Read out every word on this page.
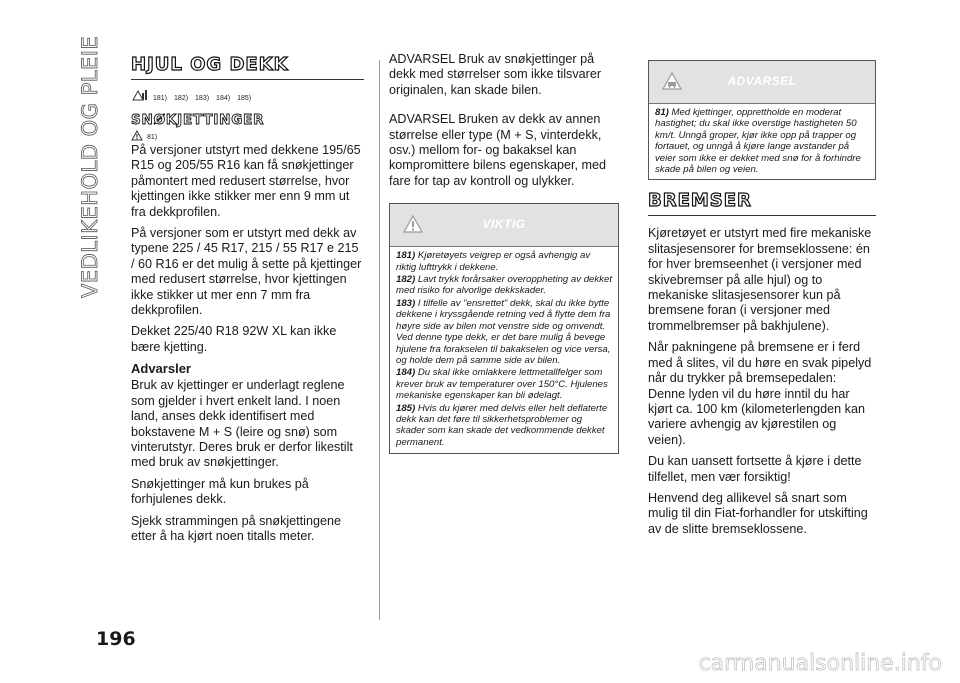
VEDLIKEHOLD OG PLEIE HJUL OG DEKK
181) 182) 183) 184) 185)
SNØKJETTINGER
81)

På versjoner utstyrt med dekkene 195/65 R15 og 205/55 R16 kan få snøkjettinger påmontert med redusert størrelse, hvor kjettingen ikke stikker mer enn 9 mm ut fra dekkprofilen.

På versjoner som er utstyrt med dekk av typene 225 / 45 R17, 215 / 55 R17 e 215 / 60 R16 er det mulig å sette på kjettinger med redusert størrelse, hvor kjettingen ikke stikker ut mer enn 7 mm fra dekkprofilen.

Dekket 225/40 R18 92W XL kan ikke bære kjetting.

Advarsler

Bruk av kjettinger er underlagt reglene som gjelder i hvert enkelt land. I noen land, anses dekk identifisert med bokstavene M + S (leire og snø) som vinterutstyr. Deres bruk er derfor likestilt med bruk av snøkjettinger.

Snøkjettinger må kun brukes på forhjulenes dekk.

Sjekk strammingen på snøkjettingene etter å ha kjørt noen titalls meter.

ADVARSEL Bruk av snøkjettinger på dekk med størrelser som ikke tilsvarer originalen, kan skade bilen.

ADVARSEL Bruken av dekk av annen størrelse eller type (M + S, vinterdekk, osv.) mellom for- og bakaksel kan kompromittere bilens egenskaper, med fare for tap av kontroll og ulykker.

VIKTIG
181) Kjøretøyets veigrep er også avhengig av riktig lufttrykk i dekkene.
182) Lavt trykk forårsaker overoppheting av dekket med risiko for alvorlige dekkskader.
183) I tilfelle av "ensrettet" dekk, skal du ikke bytte dekkene i kryssgående retning ved å flytte dem fra høyre side av bilen mot venstre side og omvendt. Ved denne type dekk, er det bare mulig å bevege hjulene fra forakselen til bakakselen og vice versa, og holde dem på samme side av bilen.
184) Du skal ikke omlakkere lettmetallfelger som krever bruk av temperaturer over 150°C. Hjulenes mekaniske egenskaper kan bli ødelagt.
185) Hvis du kjører med delvis eller helt deflaterte dekk kan det føre til sikkerhetsproblemer og skader som kan skade det vedkommende dekket permanent.
ADVARSEL
81) Med kjettinger, opprettholde en moderat hastighet; du skal ikke overstige hastigheten 50 km/t. Unngå groper, kjør ikke opp på trapper og fortauet, og unngå å kjøre lange avstander på veier som ikke er dekket med snø for å forhindre skade på bilen og veien.
BREMSER

Kjøretøyet er utstyrt med fire mekaniske slitasjesensorer for bremseklossene: én for hver bremseenhet (i versjoner med skivebremser på alle hjul) og to mekaniske slitasjesensorer kun på bremsene foran (i versjoner med trommelbremser på bakhjulene).

Når pakningene på bremsene er i ferd med å slites, vil du høre en svak pipelyd når du trykker på bremsepedalen: Denne lyden vil du høre inntil du har kjørt ca. 100 km (kilometerlengden kan variere avhengig av kjørestilen og veien).

Du kan uansett fortsette å kjøre i dette tilfellet, men vær forsiktig!

Henvend deg allikevel så snart som mulig til din Fiat-forhandler for utskifting av de slitte bremseklossene.

196
carmanualsonline.info
